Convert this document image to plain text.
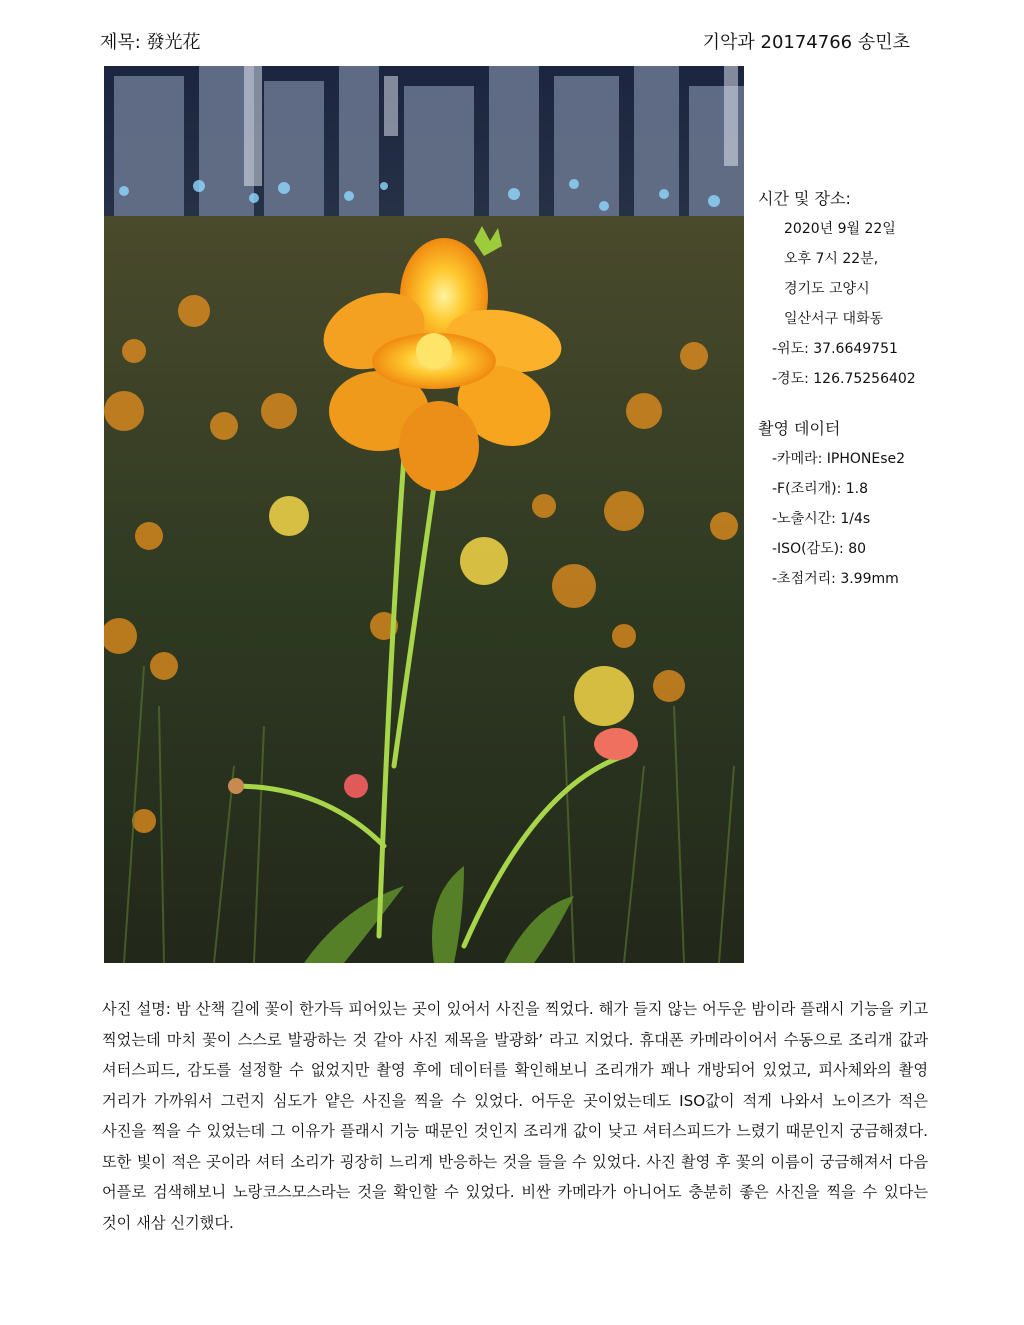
제목: 發光花	기악과 20174766 송민초
시간 및 장소:
2020년 9월 22일
오후 7시 22분,
경기도 고양시
일산서구 대화동
-위도: 37.6649751
-경도: 126.75256402
촬영 데이터
-카메라: IPHONEse2
-F(조리개): 1.8
-노출시간: 1/4s
-ISO(감도): 80
-초점거리: 3.99mm
사진 설명: 밤 산책 길에 꽃이 한가득 피어있는 곳이 있어서 사진을 찍었다. 해가 들지 않는 어두운 밤이라 플래시 기능을 키고 찍었는데 마치 꽃이 스스로 발광하는 것 같아 사진 제목을 발광화’ 라고 지었다. 휴대폰 카메라이어서 수동으로 조리개 값과 셔터스피드, 감도를 설정할 수 없었지만 촬영 후에 데이터를 확인해보니 조리개가 꽤나 개방되어 있었고, 피사체와의 촬영 거리가 가까워서 그런지 심도가 얕은 사진을 찍을 수 있었다. 어두운 곳이었는데도 ISO값이 적게 나와서 노이즈가 적은 사진을 찍을 수 있었는데 그 이유가 플래시 기능 때문인 것인지 조리개 값이 낮고 셔터스피드가 느렸기 때문인지 궁금해졌다. 또한 빛이 적은 곳이라 셔터 소리가 굉장히 느리게 반응하는 것을 들을 수 있었다. 사진 촬영 후 꽃의 이름이 궁금해져서 다음 어플로 검색해보니 노랑코스모스라는 것을 확인할 수 있었다. 비싼 카메라가 아니어도 충분히 좋은 사진을 찍을 수 있다는 것이 새삼 신기했다.
